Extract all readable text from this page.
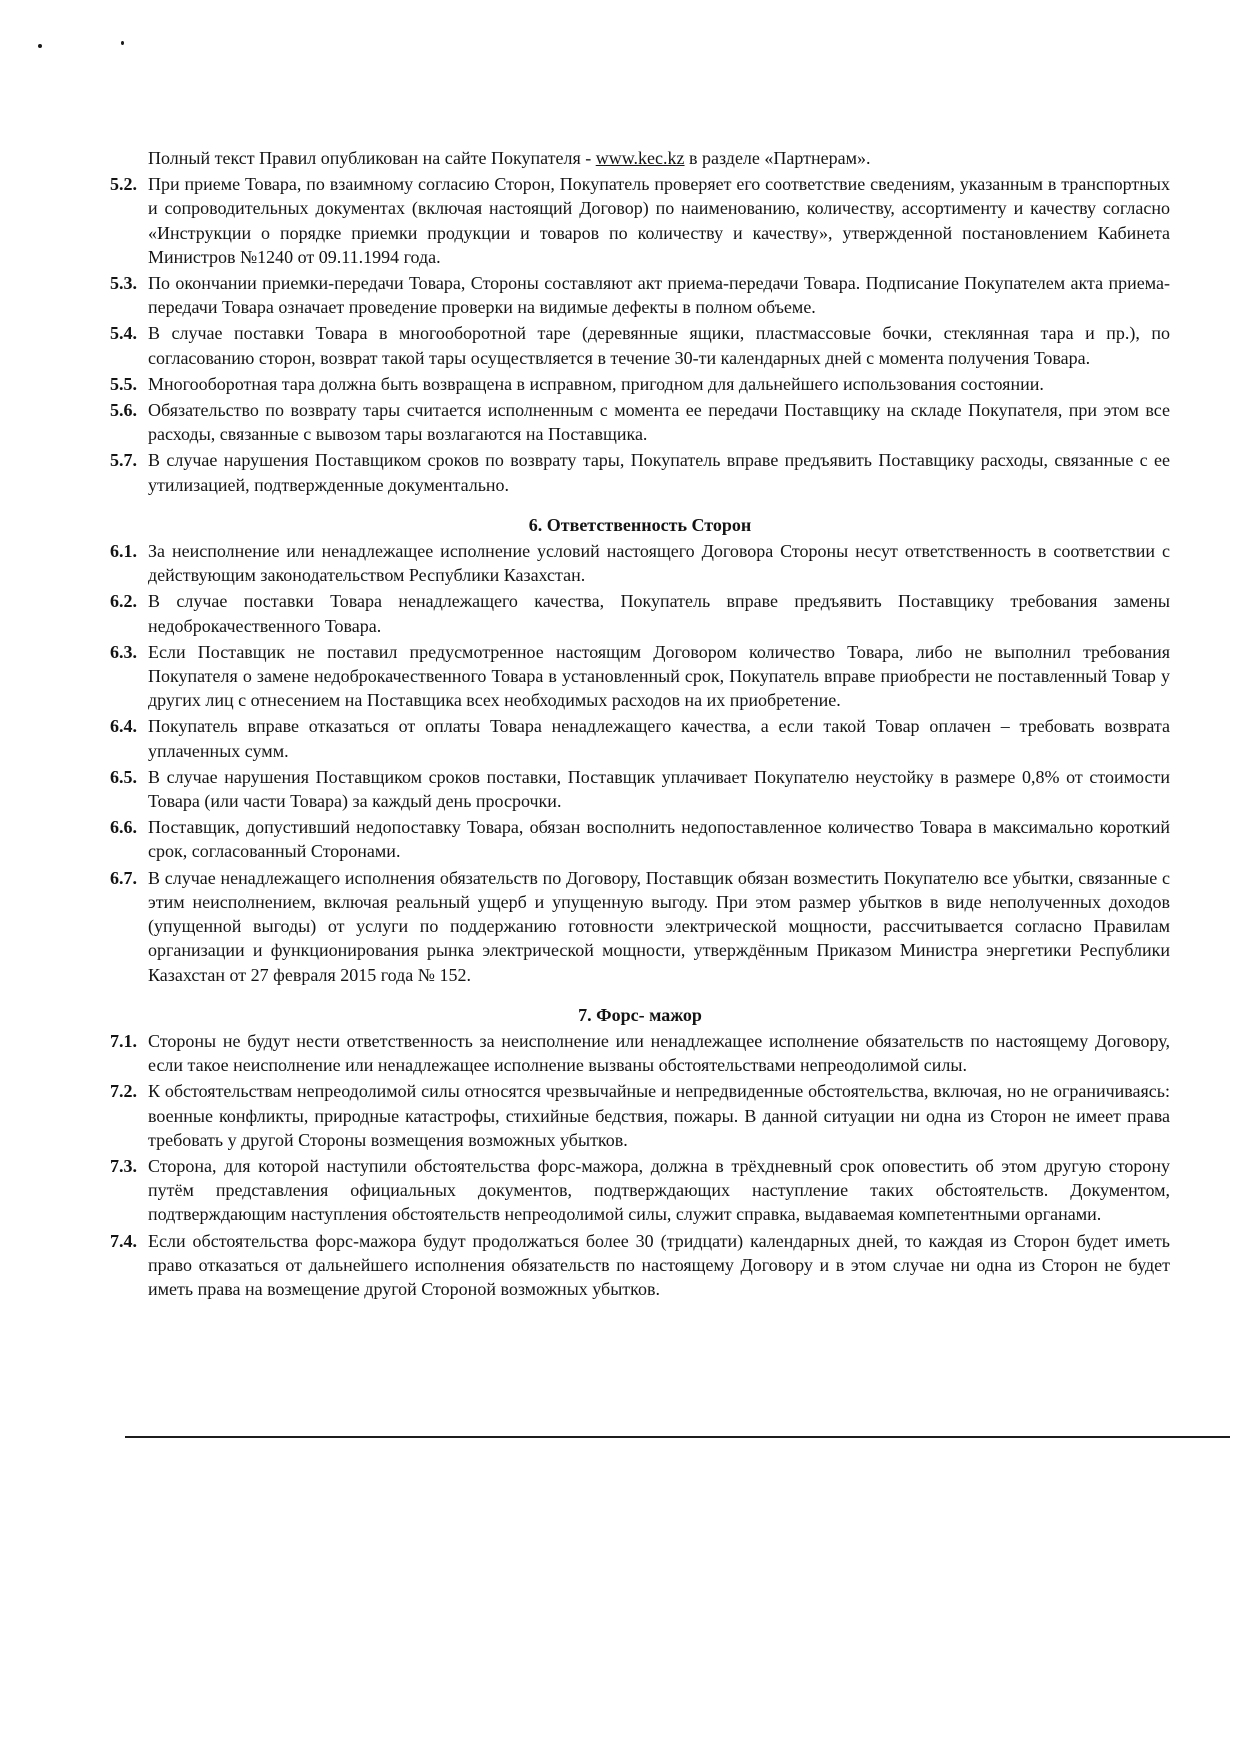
Полный текст Правил опубликован на сайте Покупателя - www.kec.kz в разделе «Партнерам».

5.2. При приеме Товара, по взаимному согласию Сторон, Покупатель проверяет его соответствие сведениям, указанным в транспортных и сопроводительных документах (включая настоящий Договор) по наименованию, количеству, ассортименту и качеству согласно «Инструкции о порядке приемки продукции и товаров по количеству и качеству», утвержденной постановлением Кабинета Министров №1240 от 09.11.1994 года.
5.3. По окончании приемки-передачи Товара, Стороны составляют акт приема-передачи Товара. Подписание Покупателем акта приема-передачи Товара означает проведение проверки на видимые дефекты в полном объеме.
5.4. В случае поставки Товара в многооборотной таре (деревянные ящики, пластмассовые бочки, стеклянная тара и пр.), по согласованию сторон, возврат такой тары осуществляется в течение 30-ти календарных дней с момента получения Товара.
5.5. Многооборотная тара должна быть возвращена в исправном, пригодном для дальнейшего использования состоянии.
5.6. Обязательство по возврату тары считается исполненным с момента ее передачи Поставщику на складе Покупателя, при этом все расходы, связанные с вывозом тары возлагаются на Поставщика.
5.7. В случае нарушения Поставщиком сроков по возврату тары, Покупатель вправе предъявить Поставщику расходы, связанные с ее утилизацией, подтвержденные документально.
6. Ответственность Сторон
6.1. За неисполнение или ненадлежащее исполнение условий настоящего Договора Стороны несут ответственность в соответствии с действующим законодательством Республики Казахстан.
6.2. В случае поставки Товара ненадлежащего качества, Покупатель вправе предъявить Поставщику требования замены недоброкачественного Товара.
6.3. Если Поставщик не поставил предусмотренное настоящим Договором количество Товара, либо не выполнил требования Покупателя о замене недоброкачественного Товара в установленный срок, Покупатель вправе приобрести не поставленный Товар у других лиц с отнесением на Поставщика всех необходимых расходов на их приобретение.
6.4. Покупатель вправе отказаться от оплаты Товара ненадлежащего качества, а если такой Товар оплачен – требовать возврата уплаченных сумм.
6.5. В случае нарушения Поставщиком сроков поставки, Поставщик уплачивает Покупателю неустойку в размере 0,8% от стоимости Товара (или части Товара) за каждый день просрочки.
6.6. Поставщик, допустивший недопоставку Товара, обязан восполнить недопоставленное количество Товара в максимально короткий срок, согласованный Сторонами.
6.7. В случае ненадлежащего исполнения обязательств по Договору, Поставщик обязан возместить Покупателю все убытки, связанные с этим неисполнением, включая реальный ущерб и упущенную выгоду. При этом размер убытков в виде неполученных доходов (упущенной выгоды) от услуги по поддержанию готовности электрической мощности, рассчитывается согласно Правилам организации и функционирования рынка электрической мощности, утверждённым Приказом Министра энергетики Республики Казахстан от 27 февраля 2015 года № 152.
7. Форс- мажор
7.1. Стороны не будут нести ответственность за неисполнение или ненадлежащее исполнение обязательств по настоящему Договору, если такое неисполнение или ненадлежащее исполнение вызваны обстоятельствами непреодолимой силы.
7.2. К обстоятельствам непреодолимой силы относятся чрезвычайные и непредвиденные обстоятельства, включая, но не ограничиваясь: военные конфликты, природные катастрофы, стихийные бедствия, пожары. В данной ситуации ни одна из Сторон не имеет права требовать у другой Стороны возмещения возможных убытков.
7.3. Сторона, для которой наступили обстоятельства форс-мажора, должна в трёхдневный срок оповестить об этом другую сторону путём представления официальных документов, подтверждающих наступление таких обстоятельств. Документом, подтверждающим наступления обстоятельств непреодолимой силы, служит справка, выдаваемая компетентными органами.
7.4. Если обстоятельства форс-мажора будут продолжаться более 30 (тридцати) календарных дней, то каждая из Сторон будет иметь право отказаться от дальнейшего исполнения обязательств по настоящему Договору и в этом случае ни одна из Сторон не будет иметь права на возмещение другой Стороной возможных убытков.
